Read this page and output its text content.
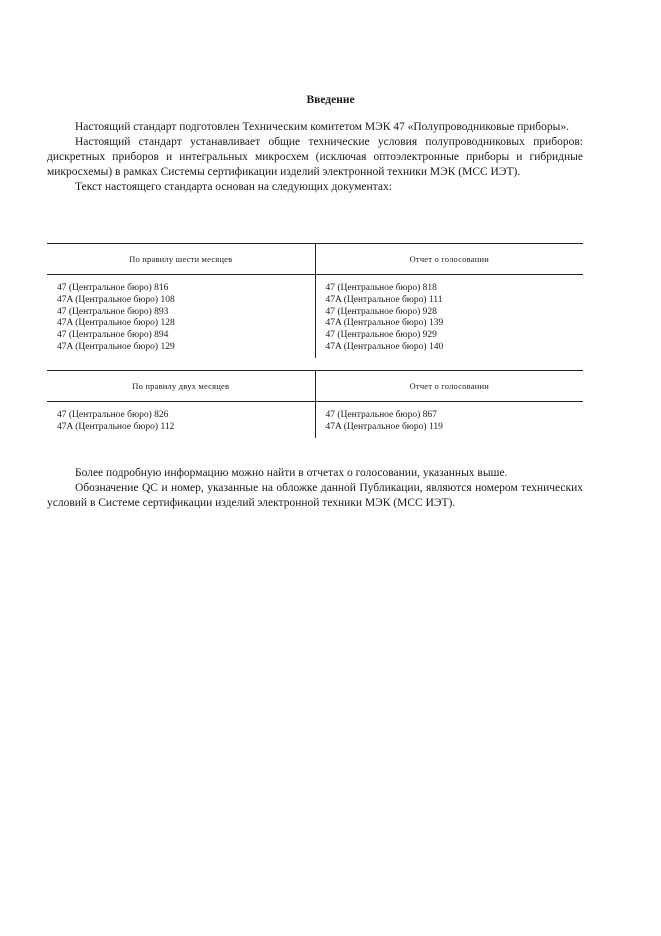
Введение

Настоящий стандарт подготовлен Техническим комитетом МЭК 47 «Полупроводниковые приборы».

Настоящий стандарт устанавливает общие технические условия полупроводниковых приборов: дискретных приборов и интегральных микросхем (исключая оптоэлектронные приборы и гибридные микросхемы) в рамках Системы сертификации изделий электронной техники МЭК (МСС ИЭТ).

Текст настоящего стандарта основан на следующих документах:

По правилу шести месяцев	Отчет о голосовании
47 (Центральное бюро) 816
47A (Центральное бюро) 108
47 (Центральное бюро) 893
47A (Центральное бюро) 128
47 (Центральное бюро) 894
47A (Центральное бюро) 129
47 (Центральное бюро) 818
47A (Центральное бюро) 111
47 (Центральное бюро) 928
47A (Центральное бюро) 139
47 (Центральное бюро) 929
47A (Центральное бюро) 140
По правилу двух месяцев	Отчет о голосовании
47 (Центральное бюро) 826
47A (Центральное бюро) 112
47 (Центральное бюро) 867
47A (Центральное бюро) 119

Более подробную информацию можно найти в отчетах о голосовании, указанных выше.

Обозначение QC и номер, указанные на обложке данной Публикации, являются номером технических условий в Системе сертификации изделий электронной техники МЭК (МСС ИЭТ).
